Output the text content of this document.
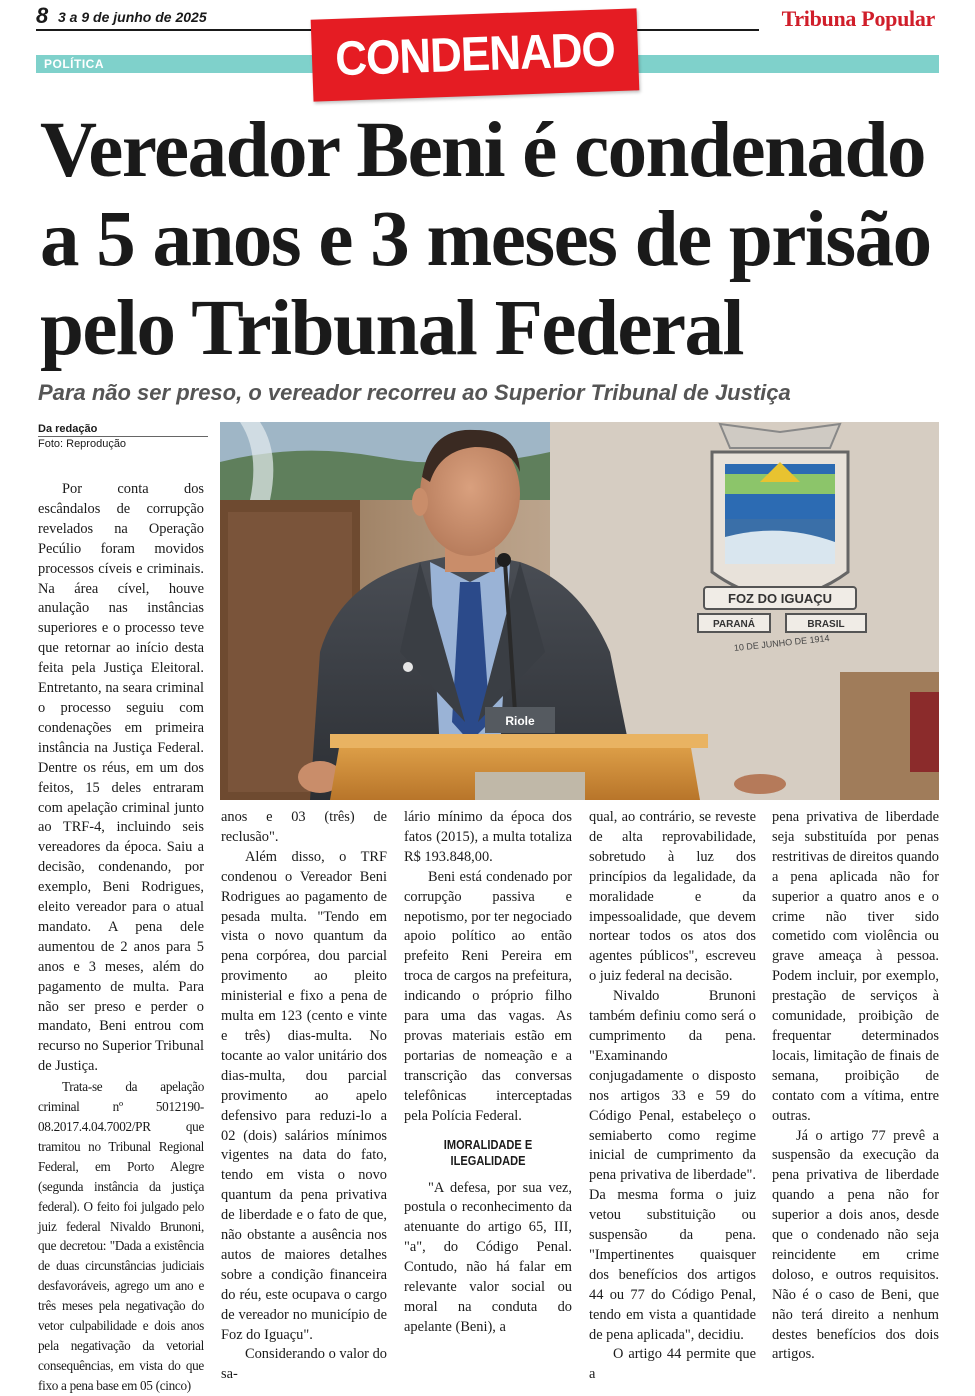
8 3 a 9 de junho de 2025	Tribuna Popular
POLÍTICA	CONDENADO
Vereador Beni é condenado
a 5 anos e 3 meses de prisão
pelo Tribunal Federal
Para não ser preso, o vereador recorreu ao Superior Tribunal de Justiça
Da redação
Foto: Reprodução
FOZ DO IGUAÇU
PARANÁ	BRASIL
10 DE JUNHO DE 1914
Riole

Por conta dos escândalos de corrupção revelados na Operação Pecúlio foram movidos processos cíveis e criminais. Na área cível, houve anulação nas instâncias superiores e o processo teve que retornar ao início desta feita pela Justiça Eleitoral. Entretanto, na seara criminal o processo seguiu com condenações em primeira instância na Justiça Federal. Dentre os réus, em um dos feitos, 15 deles entraram com apelação criminal junto ao TRF-4, incluindo seis vereadores da época. Saiu a decisão, condenando, por exemplo, Beni Rodrigues, eleito vereador para o atual mandato. A pena dele aumentou de 2 anos para 5 anos e 3 meses, além do pagamento de multa. Para não ser preso e perder o mandato, Beni entrou com recurso no Superior Tribunal de Justiça.

Trata-se da apelação criminal nº 5012190-08.2017.4.04.7002/PR que tramitou no Tribunal Regional Federal, em Porto Alegre (segunda instância da justiça federal). O feito foi julgado pelo juiz federal Nivaldo Brunoni, que decretou: "Dada a existência de duas circunstâncias judiciais desfavoráveis, agrego um ano e três meses pela negativação do vetor culpabilidade e dois anos pela negativação da vetorial consequências, em vista do que fixo a pena base em 05 (cinco)

anos e 03 (três) de reclusão".

Além disso, o TRF condenou o Vereador Beni Rodrigues ao pagamento de pesada multa. "Tendo em vista o novo quantum da pena corpórea, dou parcial provimento ao pleito ministerial e fixo a pena de multa em 123 (cento e vinte e três) dias-multa. No tocante ao valor unitário dos dias-multa, dou parcial provimento ao apelo defensivo para reduzi-lo a 02 (dois) salários mínimos vigentes na data do fato, tendo em vista o novo quantum da pena privativa de liberdade e o fato de que, não obstante a ausência nos autos de maiores detalhes sobre a condição financeira do réu, este ocupava o cargo de vereador no município de Foz do Iguaçu".

Considerando o valor do sa-

lário mínimo da época dos fatos (2015), a multa totaliza R$ 193.848,00.

Beni está condenado por corrupção passiva e nepotismo, por ter negociado apoio político ao então prefeito Reni Pereira em troca de cargos na prefeitura, indicando o próprio filho para uma das vagas. As provas materiais estão em portarias de nomeação e a transcrição das conversas telefônicas interceptadas pela Polícia Federal.

IMORALIDADE E
ILEGALIDADE

"A defesa, por sua vez, postula o reconhecimento da atenuante do artigo 65, III, "a", do Código Penal. Contudo, não há falar em relevante valor social ou moral na conduta do apelante (Beni), a

qual, ao contrário, se reveste de alta reprovabilidade, sobretudo à luz dos princípios da legalidade, da moralidade e da impessoalidade, que devem nortear todos os atos dos agentes públicos", escreveu o juiz federal na decisão.

Nivaldo Brunoni também definiu como será o cumprimento da pena. "Examinando conjugadamente o disposto nos artigos 33 e 59 do Código Penal, estabeleço o semiaberto como regime inicial de cumprimento da pena privativa de liberdade". Da mesma forma o juiz vetou substituição ou suspensão da pena. "Impertinentes quaisquer dos benefícios dos artigos 44 ou 77 do Código Penal, tendo em vista a quantidade de pena aplicada", decidiu.

O artigo 44 permite que a

pena privativa de liberdade seja substituída por penas restritivas de direitos quando a pena aplicada não for superior a quatro anos e o crime não tiver sido cometido com violência ou grave ameaça à pessoa. Podem incluir, por exemplo, prestação de serviços à comunidade, proibição de frequentar determinados locais, limitação de finais de semana, proibição de contato com a vítima, entre outras.

Já o artigo 77 prevê a suspensão da execução da pena privativa de liberdade quando a pena não for superior a dois anos, desde que o condenado não seja reincidente em crime doloso, e outros requisitos. Não é o caso de Beni, que não terá direito a nenhum destes benefícios dos dois artigos.
